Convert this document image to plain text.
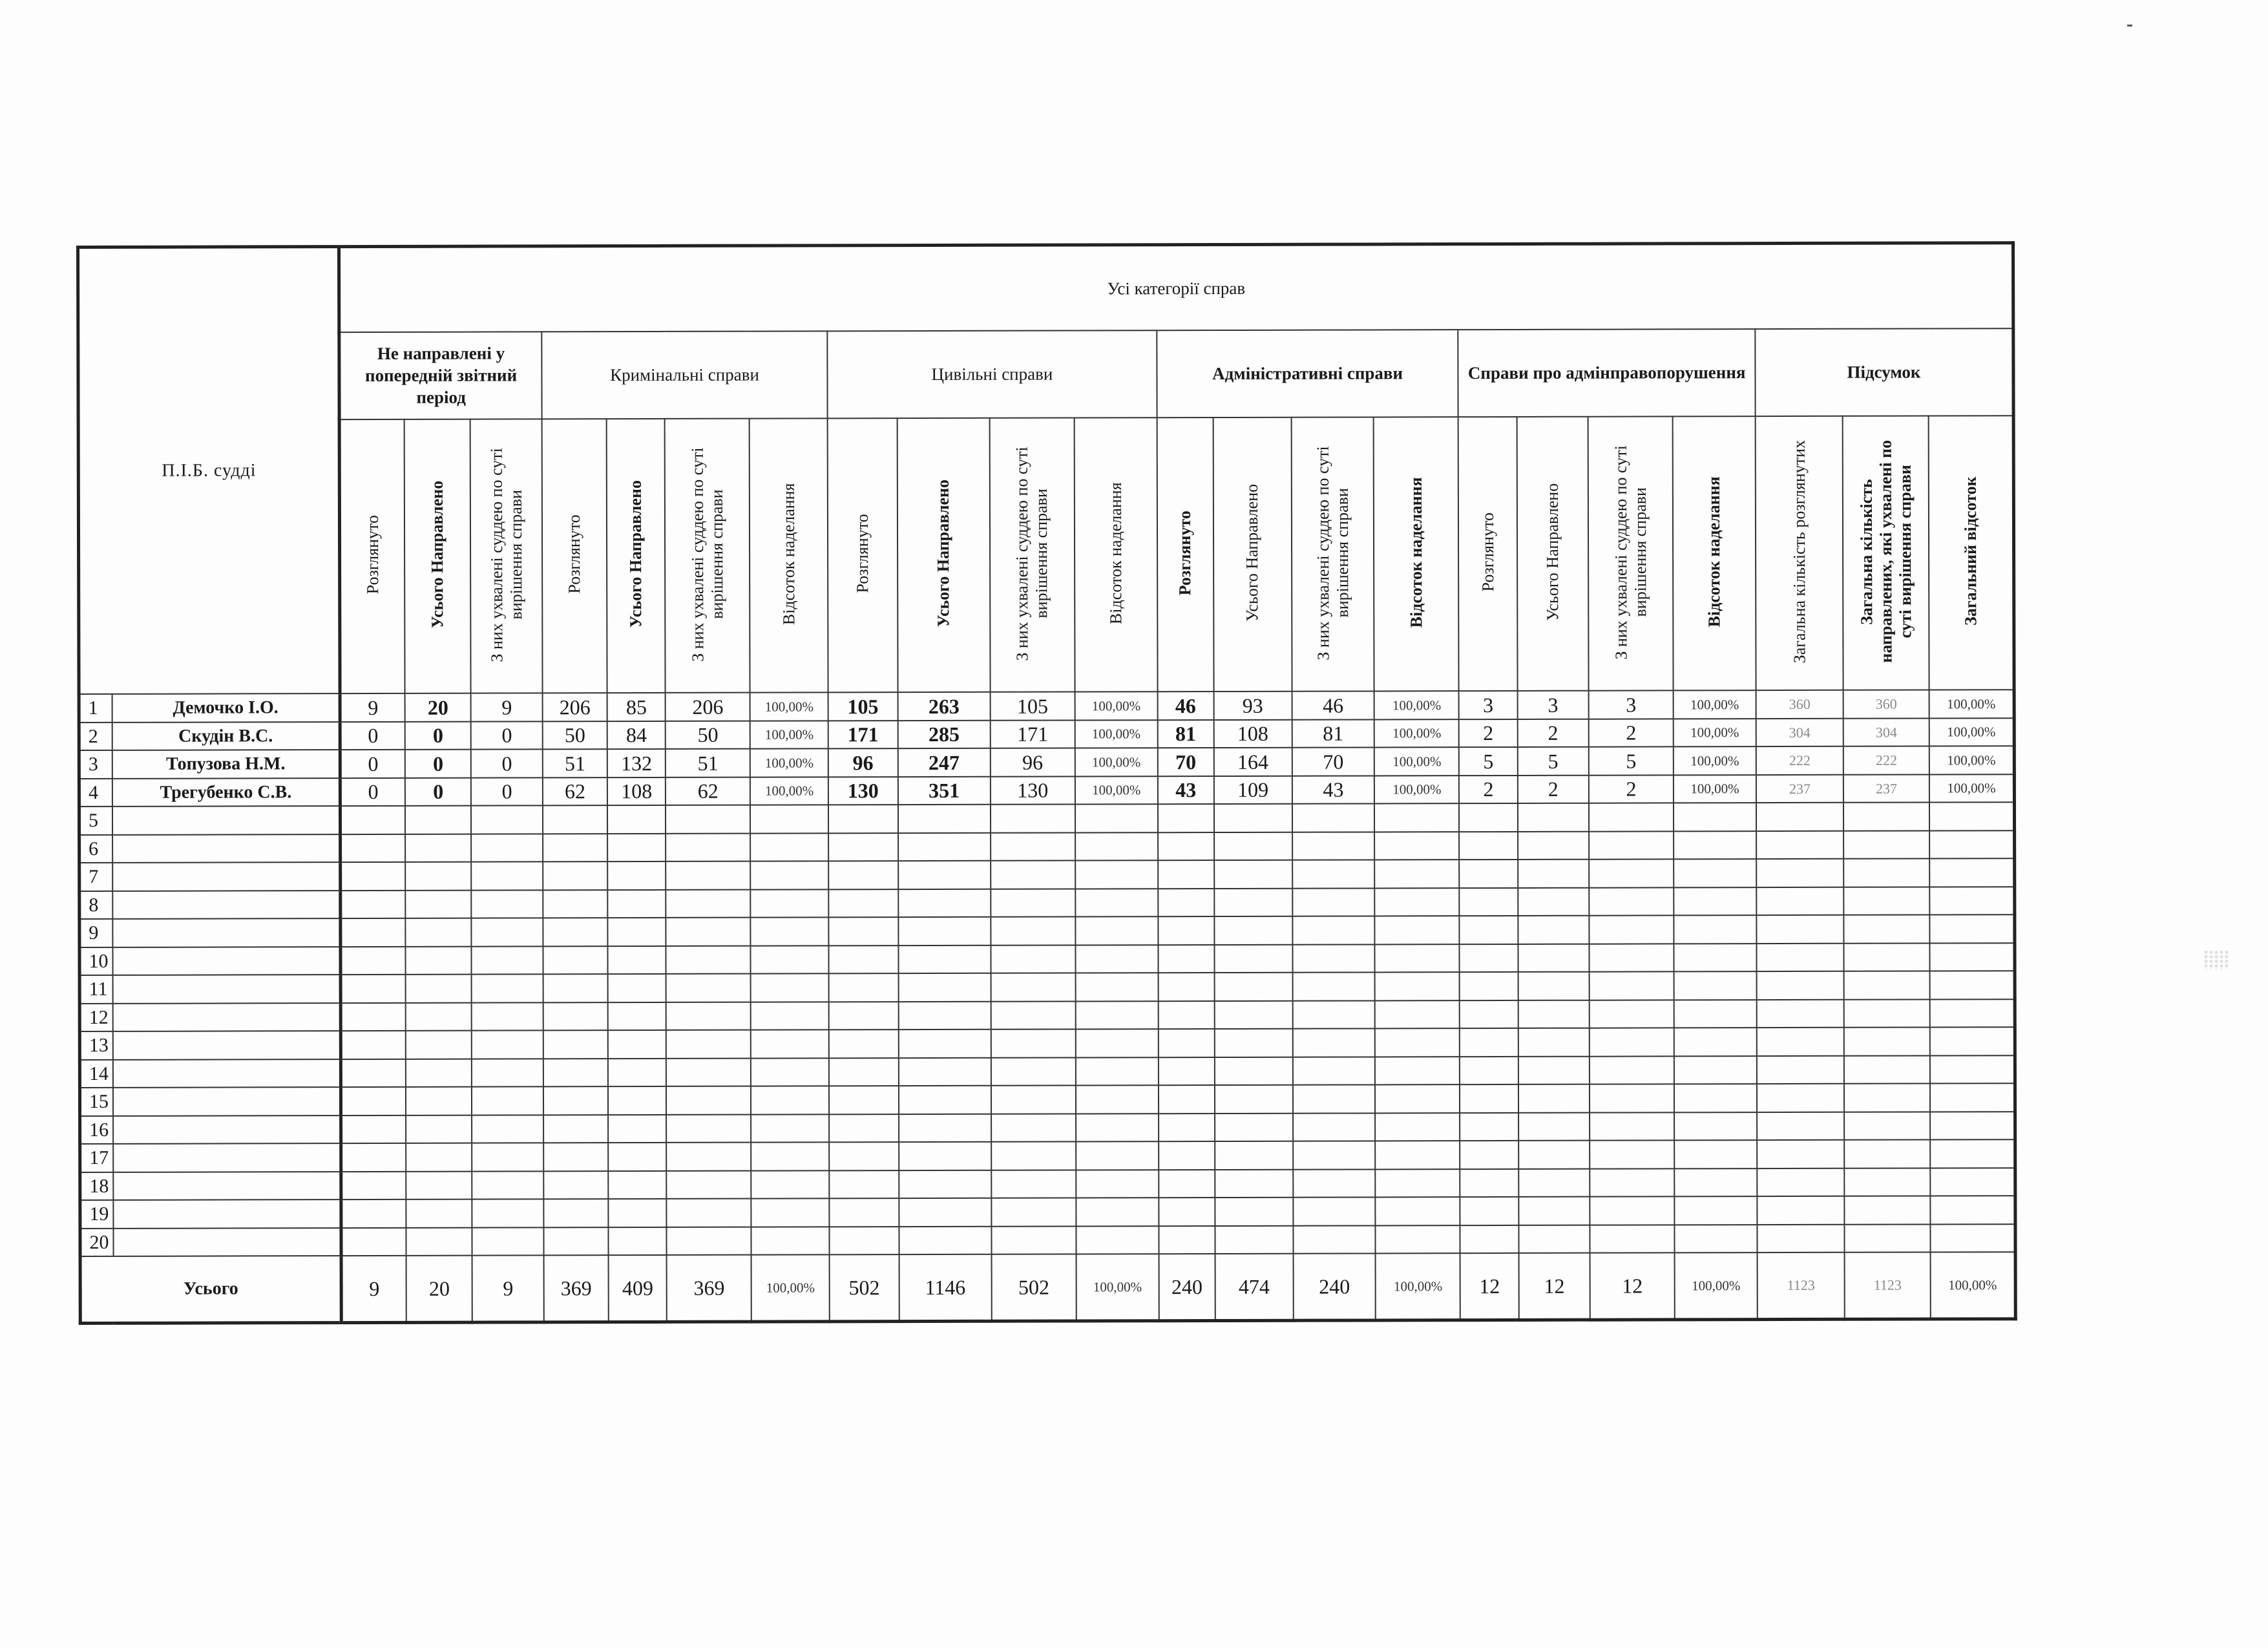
П.І.Б. судді		Усі категорії справ																					
		Не направлені у попередній звітний період			Кримінальні справи				Цивільні справи				Адміністративні справи				Справи про адмінправопорушення				Підсумок		
		Розглянуто	Усього Направлено	З них ухвалені суддею по суті вирішення справи	Розглянуто	Усього Направлено	З них ухвалені суддею по суті вирішення справи	Відсоток наделання	Розглянуто	Усього Направлено	З них ухвалені суддею по суті вирішення справи	Відсоток наделання	Розглянуто	Усього Направлено	З них ухвалені суддею по суті вирішення справи	Відсоток наделання	Розглянуто	Усього Направлено	З них ухвалені суддею по суті вирішення справи	Відсоток наделання	Загальна кількість розглянутих	Загальна кількість направлених, які ухвалені по суті вирішення справи	Загальний відсоток
1	Демочко І.О.	9	20	9	206	85	206	100,00%	105	263	105	100,00%	46	93	46	100,00%	3	3	3	100,00%	360	360	100,00%
2	Скудін В.С.	0	0	0	50	84	50	100,00%	171	285	171	100,00%	81	108	81	100,00%	2	2	2	100,00%	304	304	100,00%
3	Топузова Н.М.	0	0	0	51	132	51	100,00%	96	247	96	100,00%	70	164	70	100,00%	5	5	5	100,00%	222	222	100,00%
4	Трегубенко С.В.	0	0	0	62	108	62	100,00%	130	351	130	100,00%	43	109	43	100,00%	2	2	2	100,00%	237	237	100,00%
5																							
6																							
7																							
8																							
9																							
10																							
11																							
12																							
13																							
14																							
15																							
16																							
17																							
18																							
19																							
20																							
Усього		9	20	9	369	409	369	100,00%	502	1146	502	100,00%	240	474	240	100,00%	12	12	12	100,00%	1123	1123	100,00%
